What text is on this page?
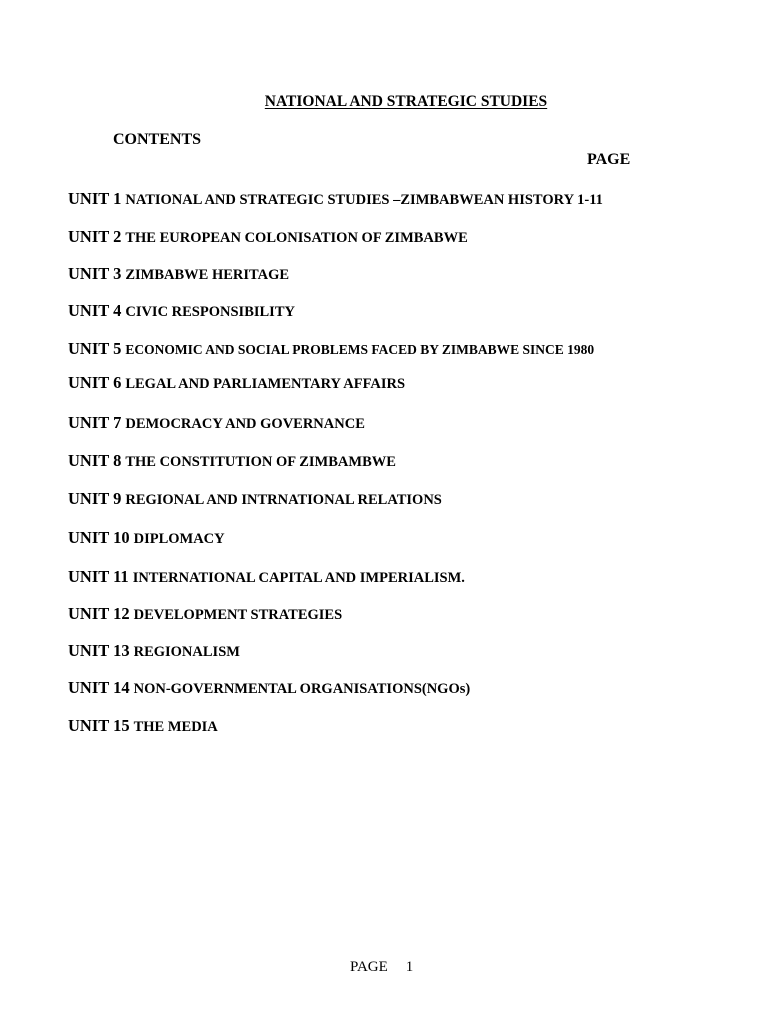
NATIONAL AND STRATEGIC STUDIES
CONTENTS
PAGE
UNIT 1 NATIONAL AND STRATEGIC STUDIES –ZIMBABWEAN HISTORY 1-11
UNIT 2 THE EUROPEAN COLONISATION OF ZIMBABWE
UNIT 3 ZIMBABWE HERITAGE
UNIT 4 CIVIC RESPONSIBILITY
UNIT 5 ECONOMIC AND SOCIAL PROBLEMS FACED BY ZIMBABWE SINCE 1980
UNIT 6 LEGAL AND PARLIAMENTARY AFFAIRS
UNIT 7 DEMOCRACY AND GOVERNANCE
UNIT 8 THE CONSTITUTION OF ZIMBAMBWE
UNIT 9 REGIONAL AND INTRNATIONAL RELATIONS
UNIT 10 DIPLOMACY
UNIT 11 INTERNATIONAL CAPITAL AND IMPERIALISM.
UNIT 12 DEVELOPMENT STRATEGIES
UNIT 13 REGIONALISM
UNIT 14 NON-GOVERNMENTAL ORGANISATIONS(NGOs)
UNIT 15 THE MEDIA
PAGE 1
